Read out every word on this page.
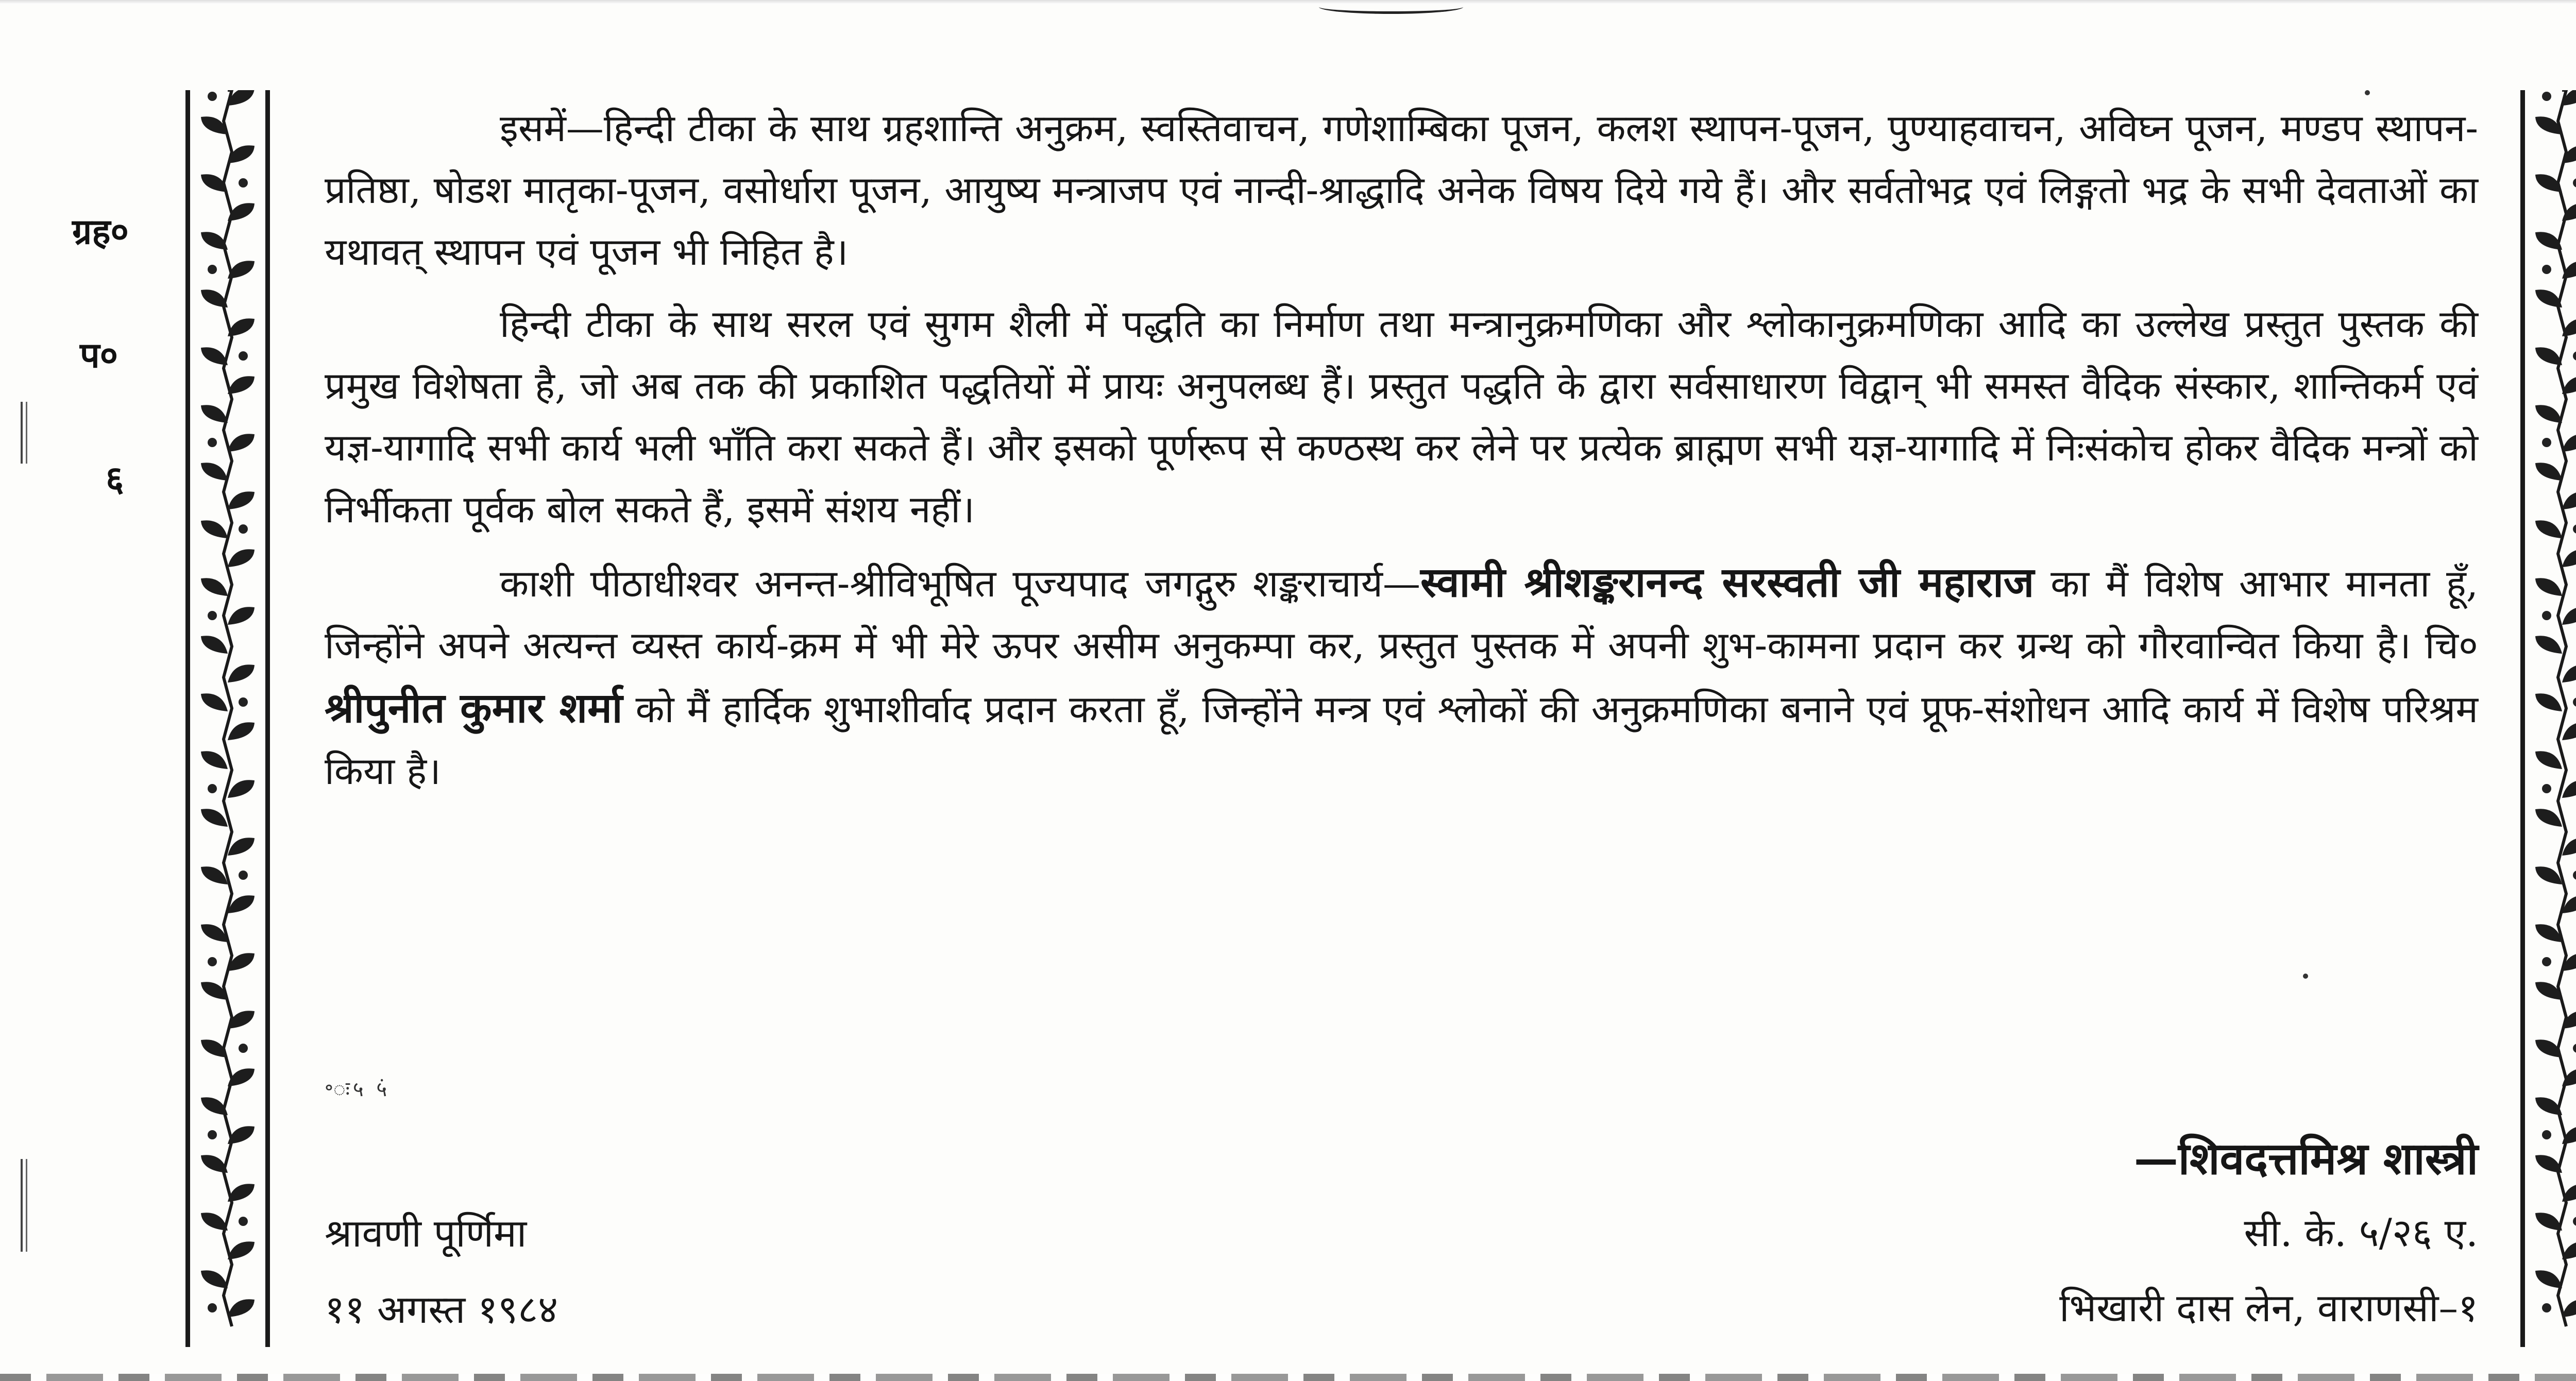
ग्रह०
प०
६

इसमें—हिन्दी टीका के साथ ग्रहशान्ति अनुक्रम, स्वस्तिवाचन, गणेशाम्बिका पूजन, कलश स्थापन-पूजन, पुण्याहवाचन, अविघ्न पूजन, मण्डप स्थापन-प्रतिष्ठा, षोडश मातृका-पूजन, वसोर्धारा पूजन, आयुष्य मन्त्राजप एवं नान्दी-श्राद्धादि अनेक विषय दिये गये हैं। और सर्वतोभद्र एवं लिङ्गतो भद्र के सभी देवताओं का यथावत् स्थापन एवं पूजन भी निहित है।

हिन्दी टीका के साथ सरल एवं सुगम शैली में पद्धति का निर्माण तथा मन्त्रानुक्रमणिका और श्लोकानुक्रमणिका आदि का उल्लेख प्रस्तुत पुस्तक की प्रमुख विशेषता है, जो अब तक की प्रकाशित पद्धतियों में प्रायः अनुपलब्ध हैं। प्रस्तुत पद्धति के द्वारा सर्वसाधारण विद्वान् भी समस्त वैदिक संस्कार, शान्तिकर्म एवं यज्ञ-यागादि सभी कार्य भली भाँति करा सकते हैं। और इसको पूर्णरूप से कण्ठस्थ कर लेने पर प्रत्येक ब्राह्मण सभी यज्ञ-यागादि में निःसंकोच होकर वैदिक मन्त्रों को निर्भीकता पूर्वक बोल सकते हैं, इसमें संशय नहीं।

काशी पीठाधीश्वर अनन्त-श्रीविभूषित पूज्यपाद जगद्गुरु शङ्कराचार्य—स्वामी श्रीशङ्करानन्द सरस्वती जी महाराज का मैं विशेष आभार मानता हूँ, जिन्होंने अपने अत्यन्त व्यस्त कार्य-क्रम में भी मेरे ऊपर असीम अनुकम्पा कर, प्रस्तुत पुस्तक में अपनी शुभ-कामना प्रदान कर ग्रन्थ को गौरवान्वित किया है। चि० श्रीपुनीत कुमार शर्मा को मैं हार्दिक शुभाशीर्वाद प्रदान करता हूँ, जिन्होंने मन्त्र एवं श्लोकों की अनुक्रमणिका बनाने एवं प्रूफ-संशोधन आदि कार्य में विशेष परिश्रम किया है।

॰ः५ ५ं
श्रावणी पूर्णिमा
११ अगस्त १९८४
—शिवदत्तमिश्र शास्त्री
सी. के. ५/२६ ए.
भिखारी दास लेन, वाराणसी–१
